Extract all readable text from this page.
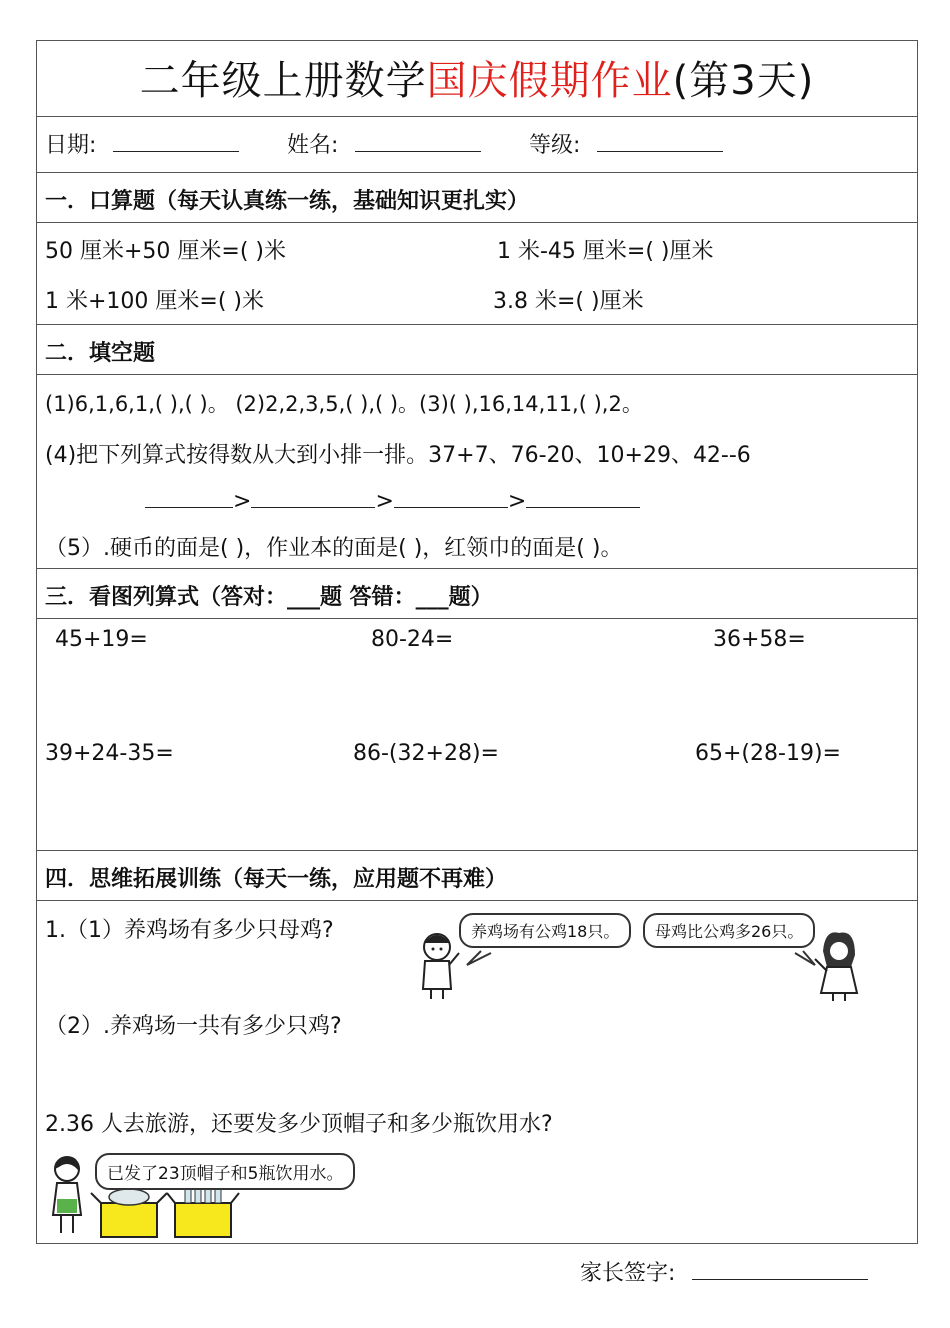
二年级上册数学国庆假期作业(第3天)
日期:	姓名:	等级:
一．口算题（每天认真练一练，基础知识更扎实）
50 厘米+50 厘米=( )米	1 米-45 厘米=( )厘米
1 米+100 厘米=( )米	3.8 米=( )厘米
二．填空题
(1)6,1,6,1,( ),( )。 (2)2,2,3,5,( ),( )。(3)( ),16,14,11,( ),2。
(4)把下列算式按得数从大到小排一排。37+7、76-20、10+29、42--6
>	>	>
（5）.硬币的面是( )，作业本的面是( )，红领巾的面是( )。
三．看图列算式（答对：___题 答错：___题）
45+19=	80-24=	36+58=
39+24-35=	86-(32+28)=	65+(28-19)=
四．思维拓展训练（每天一练，应用题不再难）
1.（1）养鸡场有多少只母鸡?
（2）.养鸡场一共有多少只鸡?
2.36 人去旅游，还要发多少顶帽子和多少瓶饮用水?
养鸡场有公鸡18只。	母鸡比公鸡多26只。
已发了23顶帽子和5瓶饮用水。
家长签字:
